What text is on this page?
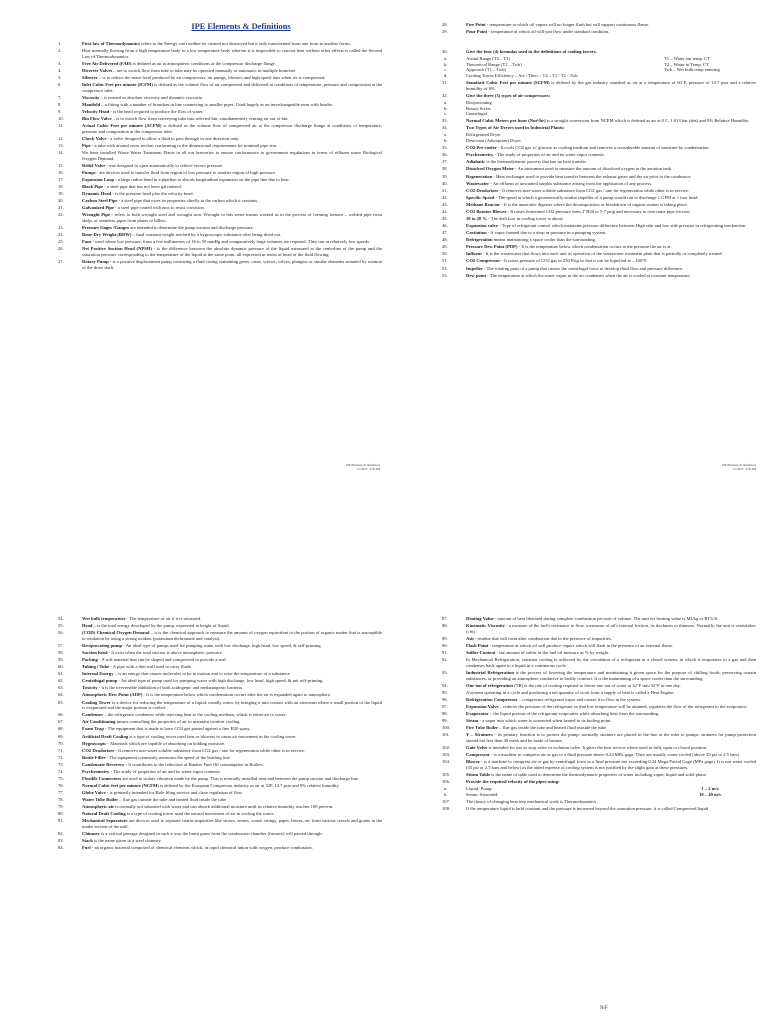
IPE Elements & Definitions
1.	First law of Thermodynamics refers to the Energy can't neither be created nor destroyed but it only transformed from one form to another forms.
2.	Heat normally flowing from a high temperature body to a low temperature body wherein it is impossible to convert heat without other effects is called the Second Law of Thermodynamics.
3.	Free Air Delivered (FAD) is defined as air at atmospheric conditions at the compressor discharge flange.
4.	Diverter Valves – are to switch flow from tube to tube may be operated manually or automatic in multiple branches
5.	Silencer – is to reduce the noise level produced by air compressors, air pumps, blowers and high speed fans when air is compressed.
6.	Inlet Cubic Feet per minute (ICFM) is defined as the volume flow of air compressed and delivered at conditions of temperature, pressure and composition at the compressor inlet.
7.	Viscosity – is termed as absolute viscosity and dynamic viscosity.
8.	Manifold – a fitting with a number of branches in line connecting to smaller pipes. Used largely as an interchangeable term with header.
9.	Velocity Head - is the head required to produce the flow of water.
10.	Bin Flow Valve – is to switch flow from conveying tube into selected bin, simultaneously venting air out of bin.
11.	Actual Cubic Feet per minute (ACFM) is defined as the volume flow of compressed air at the compressor discharge flange at conditions of temperature, pressure and composition at the compressor inlet.
12.	Check Valve - a valve designed to allow a fluid to pass through in one direction only.
13.	Pipe - a tube with around cross section conforming to the dimensional requirements for nominal pipe size.
14.	We have installed Waste Water Treatment Plants in all our breweries to ensure conformance to government regulations in terms of effluent water Biological Oxygen Demand.
15.	Relief Valve - one designed to open automatically to relieve excess pressure.
16.	Pumps - are devices used to transfer fluid from region of low pressure to another region of high pressure.
17.	Expansion Loop - a large radius bend in a pipeline to absorb longitudinal expansion on the pipe line due to heat.
18.	Black Pipe - a steel pipe that has not been galvanized.
19.	Dynamic Head - is the pressure head plus the velocity head.
20.	Carbon Steel Pipe - a steel pipe that owes its properties chiefly to the carbon which it contains.
21.	Galvanized Pipe - a steel pipe coated with zinc to resist corrosion.
22.	Wrought Pipe - refers to both wrought steel and wrought iron. Wrought in this sense means worked as in the process of forming furnace – welded pipe from skelp, or seamless pipes from plates or billets.
23.	Pressure Gages /Gauges are intended to determine the pump suction and discharge pressure.
24.	Bone-Dry Weight (BDW) – final constant weight reached by a hygroscopic substance after being dried out.
25.	Fans - used where low pressure, from a few millimeters of 16 to 50 mmHg and comparatively large volumes are required. They run at relatively low speeds.
26.	Net Positive Suction Head (NPSH) - is the difference between the absolute dynamic pressure of the liquid measured at the centerline of the pump and the saturation pressure corresponding to the temperature of the liquid at the same point, all expressed in terms of head of the fluid flowing.
27.	Rotary Pump - is a positive displacement pump consisting a fluid casing containing gears, cams, screws, valves, plungers or similar elements actuated by rotation of the drive shaft.
IPE Elements & Definitions
1/1/2019 - 4:59 PM
28.	Fire Point - temperature at which oil vapors will no longer flash but will support continuous flame.
29.	Pour Point - temperature at which oil will just flow under standard condition.
30.	Give the four (4) formulas used in the definitions of cooling towers.
a.	Actual Range (T2 – T1)	T1 – Water out temp. CT
b.	Theoretical Range (T2 – Twb)	T2 – Water in Temp. CT
c.	Approach (T1 – Twb)	Twb – Wet bulb temp entering
d.	Cooling Tower Efficiency – Act / Theo. - T2 – T1 / T2 - Twb
31.	Standard Cubic Feet per minute (SCFM) is defined by the gas industry standard as air at a temperature of 60 F, pressure of 14.7 psia and a relative humidity of 0%.
32.	Give the three (3) types of air compressors:
a.	Reciprocating
b.	Rotary Screw
c.	Centrifugal
33.	Normal Cubic Meters per hour (Nm³/hr) is a straight conversion from NCFM which is defined as air at 0 C, 1.013 bar (abs) and 0% Relative Humidity.
34.	Two Types of Air Dryers used in Industrial Plants:
a.	Refrigerated Dryer
b.	Desiccant (Adsorption) Dryer
35.	CO2 Pre-cooler - It cools CO2 gas w/ glucose as cooling medium and removes a considerable amount of moisture by condensation.
36.	Psychrometry - The study of properties of air and its water vapor contents.
37.	Adiabatic is the thermodynamic process that has no heat transfer
38.	Dissolved Oxygen Meter - An instrument used to measure the amount of dissolved oxygen in the aeration tank.
39.	Regeneration - Heat exchanger used to provide heat transfer between the exhaust gases and the air prior to the combustor.
40.	Wastewater - An effluent of unwanted surplus substance arising from the application of any process.
41.	CO2 Deodorizer - It removes non-water soluble substance from CO2 gas / one for regeneration while other is in service.
42.	Specific Speed - The speed at which a geometrically similar impeller of a pump would run to discharge 1 GPM at 1 foot head.
43.	Methane Reactor - It is the anaerobic digester where the decomposition or breakdown of organic matter is taking place.
44.	CO2 Booster Blower - It raises fermented CO2 pressure from 2"H20 to 5-7 psig and necessary to overcome pipe friction.
45.	10 to 20 % - The drift loss in cooling tower is about:
46.	Expansion valve - Type of refrigerant control which maintains pressure difference between High side and low side pressure in refrigerating mechanism.
47.	Cavitation - A vapor formed due to a drop in pressure in a pumping system.
48.	Refrigeration means maintaining a space cooler than the surrounding.
49.	Pressure Dew Point (PDP) - It is the temperature below which condensation occurs at the pressure the air is at.
50.	Influent - It is the wastewater that flows into each unit of operation of the wastewater treatment plant that is partially or completely treated.
51.	CO2 Compressor - It raises pressure of CO2 gas to 250 Psig so that it can be liquefied at – 100°F.
52.	Impeller - The rotating parts of a pump that causes the centrifugal force to develop fluid flow and pressure difference.
53.	Dew point - The temperature at which the water vapor in the air condenses when the air is cooled at constant temperature.
IPE Elements & Definitions
1/1/2019 - 4:59 PM
54.	Wet bulb temperature - The temperature of air if it is saturated.
55.	Head – is the total energy developed by the pump, expressed in height of liquid.
56.	(COD) Chemical Oxygen Demand – it is the chemical approach to measure the amount of oxygen equivalent to the portion of organic matter that is susceptible to oxidation by using a strong oxidant (potassium dichromate and catalyst).
57.	Reciprocating pump - An ideal type of pumps used for pumping water with low discharge, high head, low speed, & self-priming.
58.	Suction head - It exist when the total suction is above atmospheric pressure.
59.	Packing - A soft material that can be shaped and compressed to provide a seal.
60.	Tubing / Tube - A pipe with a thin wall used to carry fluids.
61.	Internal Energy – is an energy that causes molecules to be in motion and to raise the temperature of a substance
62.	Centrifugal pump - An ideal type of pump used for pumping water with high discharge, low head, high speed, & not self-priming.
63.	Toxicity - it is the irreversible inhibition of both acidogenic and methanogenic bacteria.
64.	Atmospheric Dew Point (ADP) - It is the temperature below which condensation occurs after the air is expanded again to atmosphere.
65.	Cooling Tower is a device for reducing the temperature of a liquid, usually water, by bringing it into contact with an airstream where a small portion of the liquid is evaporated and the major portion is cooled.
66.	Condenser – the refrigerant condenses while rejecting heat to the cooling medium, which is either air to water.
67.	Air Conditioning means controlling the properties of air to maintain comfort cooling.
68.	Foam Trap - The equipment that is made to have CO2 gas passed against a fine H20 spray.
69.	Artificial Draft Cooling is a type of cooling tower used fans or blowers to cause air movement in the cooling tower.
70.	Hygroscopic - Materials which are capable of absorbing on holding moisture.
71.	CO2 Deodorizer - It removes non-water soluble substance from CO2 gas / one for regeneration while other is in service.
72.	Bottle Filler - The equipment commonly measures the speed of the bottling line.
73.	Condensate Recovery - It contributes to the reduction of Bunker Fuel Oil consumption in Boilers.
74.	Psychrometry - The study of properties of air and its water vapor contents.
75.	Flexible Connectors are used to isolate vibration made by the pump. This is normally installed near and between the pump suction and discharge line.
76.	Normal Cubic feet per minute (NCFM) is defined by the European Compressor industry as air at 32F, 14.7 psia and 0% relative humidity.
77.	Globe Valve - is primarily intended for Hole filing service and close regulation of flow.
78.	Water Tube Boiler – flue gas outside the tube and heated fluid inside the tube
79.	Atmospheric air is normally not saturated with water and can absorb additional moisture until its relative humidity reaches 100 percent.
80.	Natural Draft Cooling is a type of cooling tower used the natural movement of air in cooling the water.
81.	Mechanical Separators are devices used to separate coarse impurities like straws, stones, wood, strings, paper, leaves, etc from various cereals and grains in the intake section of the mill.
82.	Chimney is a vertical passage designed in such a way the burnt gases from the combustion chamber (furnace) will passed through.
83.	Stack is the name given to a steel chimney.
84.	Fuel - an organic material composed of chemical elements which, in rapid chemical union with oxygen, produce combustion.
87.	Heating Value - amount of heat liberated during complete combustion per unit of volume. The unit for heating value is MJ/kg or BTU/#
88.	Kinematic Viscosity - a measure of the fuel's resistance to flow, a measure of oil's internal friction, its thickness or thinness. Normally, the unit is centistokes (cSt).
89.	Ash - residue that will form after combustion due to the presence of impurities.
90.	Flash Point - temperature at which oil will produce vapors which will flash in the presence of an external flame.
91.	Sulfur Content - the amount of sulfur in the fuel oil measure as % by weight.
92.	In Mechanical Refrigeration, constant cooling is achieved by the circulation of a refrigerant in a closed system, in which it evaporates to a gas and then condenses back again to a liquid in a continuous cycle.
93.	Industrial Refrigeration is the process of lowering the temperature and maintaining it given space for the purpose of chilling foods, preserving certain substances, or providing an atmosphere conducive to bodily comfort. It is the maintaining of a space cooler than the surrounding.
94.	One ton of refrigeration (TR) is the rate of cooling required to freeze one ton of water at 32°F into 32°F in one day.
95.	A system operating in a cycle and producing a net quantity of work from a supply of heat is called a Heat Engine.
96.	Refrigeration Compressor – compresses refrigerant vapor and causes it to flow in the system.
97.	Expansion Valve – reduces the pressure of the refrigerant so that low temperature will be attained, regulates the flow of the refrigerant to the evaporator.
98.	Evaporator – the liquid portion of the refrigerant evaporates while absorbing heat from the surrounding.
99.	Steam - a vapor into which water is converted when heated to its boiling point.
100.	Fire Tube Boiler – flue gas inside the tube and heated fluid outside the tube
101.	Y – Strainers - its primary function is to protect the pump- normally strainers are placed in the line at the inlet to pumps, strainers for pump protection should not less than 40 mesh and be made of bronze.
102.	Gate Valve is intended for use as stop valve or isolation valve. It gives the best service where used in fully open or closed position.
103.	Compressor - is a machine to compress air or gas to a fluid pressure above 0.24 MPa gage. They are usually water-cooled (above 35 psi or 2.5 bars)
104.	Blower - is a machine to compress air or gas by centrifugal force to a final pressure not exceeding 0.24 Mega Pascal Gage (MPa gage). It is not water cooled (35 psi or 2.5 bars and below) as the aided expense of cooling system is not justified by the slight gain at these pressures.
105.	Steam Table is the name of table used to determine the thermodynamic properties of water including vapor, liquid and solid phase
106.	Provide the required velocity of the pipes using:
a.	Liquid: Pump:	1 – 2 m/s
b.	Steam: Saturated:	10 – 40 m/s
107.	The theory of changing heat into mechanical work is Thermodynamics
108.	If the temperature liquid is held constant and the pressure is increased beyond the saturation pressure, it is called Compressed liquid
N/F
